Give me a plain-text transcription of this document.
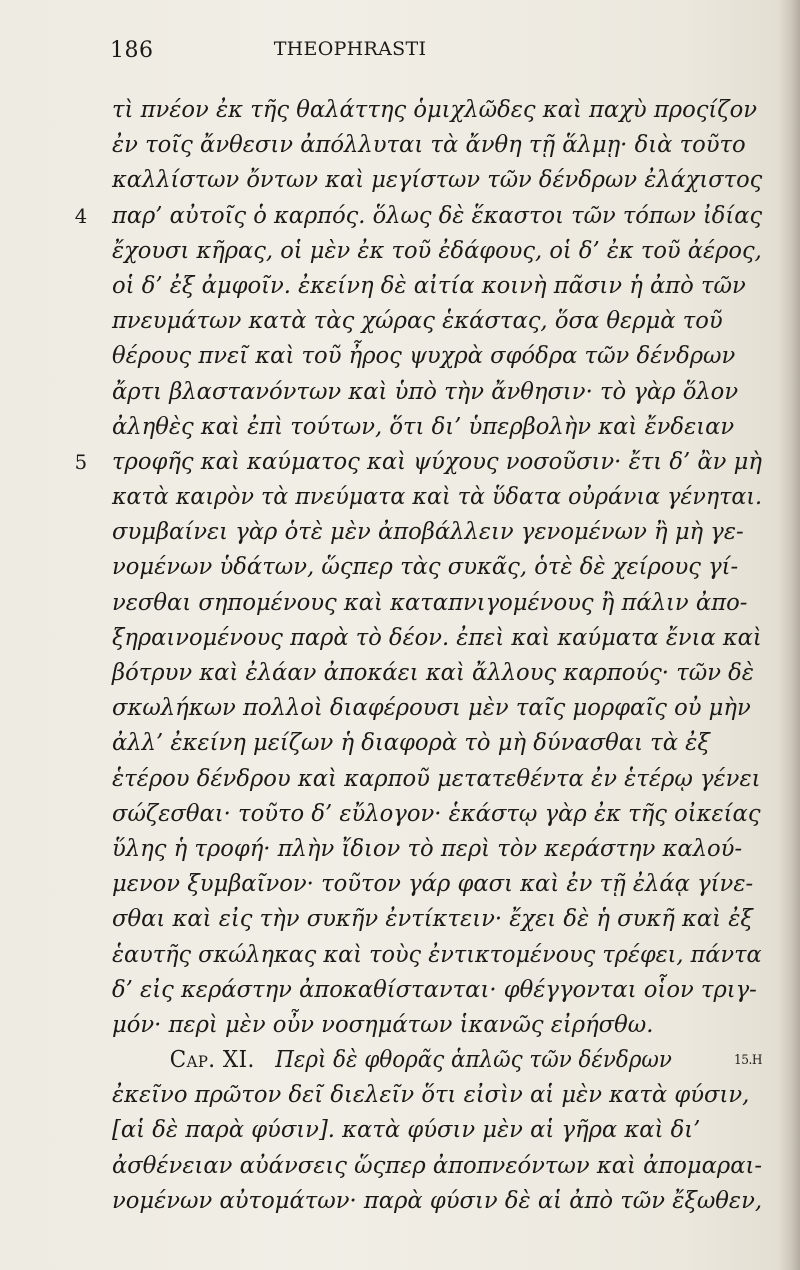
186	THEOPHRASTI
τὶ πνέον ἐκ τῆς θαλάττης ὁμιχλῶδες καὶ παχὺ προςίζον
ἐν τοῖς ἄνθεσιν ἀπόλλυται τὰ ἄνθη τῇ ἅλμῃ· διὰ τοῦτο
καλλίστων ὄντων καὶ μεγίστων τῶν δένδρων ἐλάχιστος
4 παρ’ αὐτοῖς ὁ καρπός. ὅλως δὲ ἕκαστοι τῶν τόπων ἰδίας
ἔχουσι κῆρας, οἱ μὲν ἐκ τοῦ ἐδάφους, οἱ δ’ ἐκ τοῦ ἀέρος,
οἱ δ’ ἐξ ἀμφοῖν. ἐκείνη δὲ αἰτία κοινὴ πᾶσιν ἡ ἀπὸ τῶν
πνευμάτων κατὰ τὰς χώρας ἑκάστας, ὅσα θερμὰ τοῦ
θέρους πνεῖ καὶ τοῦ ἦρος ψυχρὰ σφόδρα τῶν δένδρων
ἄρτι βλαστανόντων καὶ ὑπὸ τὴν ἄνθησιν· τὸ γὰρ ὅλον
ἀληθὲς καὶ ἐπὶ τούτων, ὅτι δι’ ὑπερβολὴν καὶ ἔνδειαν
5 τροφῆς καὶ καύματος καὶ ψύχους νοσοῦσιν· ἔτι δ’ ἂν μὴ
κατὰ καιρὸν τὰ πνεύματα καὶ τὰ ὕδατα οὐράνια γένηται.
συμβαίνει γὰρ ὁτὲ μὲν ἀποβάλλειν γενομένων ἢ μὴ γε-
νομένων ὑδάτων, ὥςπερ τὰς συκᾶς, ὁτὲ δὲ χείρους γί-
νεσθαι σηπομένους καὶ καταπνιγομένους ἢ πάλιν ἀπο-
ξηραινομένους παρὰ τὸ δέον. ἐπεὶ καὶ καύματα ἔνια καὶ
βότρυν καὶ ἐλάαν ἀποκάει καὶ ἄλλους καρπούς· τῶν δὲ
σκωλήκων πολλοὶ διαφέρουσι μὲν ταῖς μορφαῖς οὐ μὴν
ἀλλ’ ἐκείνη μείζων ἡ διαφορὰ τὸ μὴ δύνασθαι τὰ ἐξ
ἑτέρου δένδρου καὶ καρποῦ μετατεθέντα ἐν ἑτέρῳ γένει
σώζεσθαι· τοῦτο δ’ εὔλογον· ἑκάστῳ γὰρ ἐκ τῆς οἰκείας
ὕλης ἡ τροφή· πλὴν ἴδιον τὸ περὶ τὸν κεράστην καλού-
μενον ξυμβαῖνον· τοῦτον γάρ φασι καὶ ἐν τῇ ἐλάᾳ γίνε-
σθαι καὶ εἰς τὴν συκῆν ἐντίκτειν· ἔχει δὲ ἡ συκῆ καὶ ἐξ
ἑαυτῆς σκώληκας καὶ τοὺς ἐντικτομένους τρέφει, πάντα
δ’ εἰς κεράστην ἀποκαθίστανται· φθέγγονται οἷον τριγ-
μόν· περὶ μὲν οὖν νοσημάτων ἱκανῶς εἰρήσθω.
Cap. XI. Περὶ δὲ φθορᾶς ἁπλῶς τῶν δένδρων	15.H
ἐκεῖνο πρῶτον δεῖ διελεῖν ὅτι εἰσὶν αἱ μὲν κατὰ φύσιν,
[αἱ δὲ παρὰ φύσιν]. κατὰ φύσιν μὲν αἱ γῆρα καὶ δι’
ἀσθένειαν αὐάνσεις ὥςπερ ἀποπνεόντων καὶ ἀπομαραι-
νομένων αὐτομάτων· παρὰ φύσιν δὲ αἱ ἀπὸ τῶν ἔξωθεν,
